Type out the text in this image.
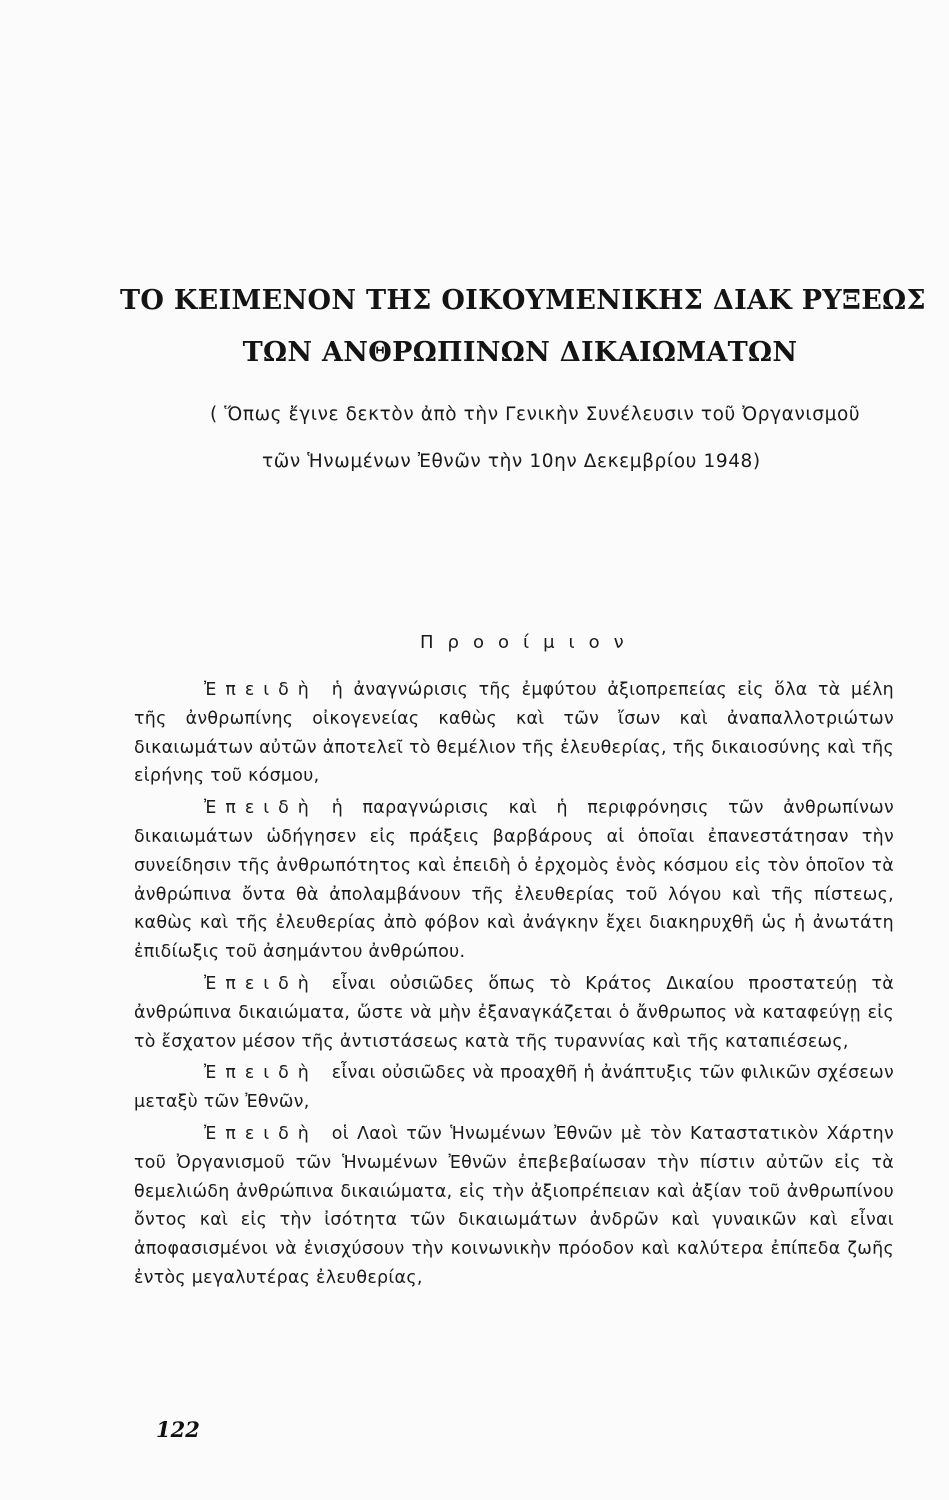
ΤΟ ΚΕΙΜΕΝΟΝ ΤΗΣ ΟΙΚΟΥΜΕΝΙΚΗΣ ΔΙΑΚ ΡΥΞΕΩΣ
ΤΩΝ ΑΝΘΡΩΠΙΝΩΝ ΔΙΚΑΙΩΜΑΤΩΝ
( Ὅπως ἔγινε δεκτὸν ἀπὸ τὴν Γενικὴν Συνέλευσιν τοῦ Ὀργανισμοῦ
τῶν Ἡνωμένων Ἐθνῶν τὴν 10ην Δεκεμβρίου 1948)
Προοίμιον

Ἐπειδὴ ἡ ἀναγνώρισις τῆς ἐμφύτου ἀξιοπρεπείας εἰς ὅλα τὰ μέλη τῆς ἀνθρωπίνης οἰκογενείας καθὼς καὶ τῶν ἴσων καὶ ἀναπαλλοτριώτων δικαιωμάτων αὐτῶν ἀποτελεῖ τὸ θεμέλιον τῆς ἐλευθερίας, τῆς δικαιοσύνης καὶ τῆς εἰρήνης τοῦ κόσμου,

Ἐπειδὴ ἡ παραγνώρισις καὶ ἡ περιφρόνησις τῶν ἀνθρωπίνων δικαιωμάτων ὡδήγησεν εἰς πράξεις βαρβάρους αἱ ὁποῖαι ἐπανεστάτησαν τὴν συνείδησιν τῆς ἀνθρωπότητος καὶ ἐπειδὴ ὁ ἐρχομὸς ἑνὸς κόσμου εἰς τὸν ὁποῖον τὰ ἀνθρώπινα ὄντα θὰ ἀπολαμβάνουν τῆς ἐλευθερίας τοῦ λόγου καὶ τῆς πίστεως, καθὼς καὶ τῆς ἐλευθερίας ἀπὸ φόβον καὶ ἀνάγκην ἔχει διακηρυχθῆ ὡς ἡ ἀνωτάτη ἐπιδίωξις τοῦ ἀσημάντου ἀνθρώπου.

Ἐπειδὴ εἶναι οὐσιῶδες ὅπως τὸ Κράτος Δικαίου προστατεύῃ τὰ ἀνθρώπινα δικαιώματα, ὥστε νὰ μὴν ἐξαναγκάζεται ὁ ἄνθρωπος νὰ καταφεύγῃ εἰς τὸ ἔσχατον μέσον τῆς ἀντιστάσεως κατὰ τῆς τυραννίας καὶ τῆς καταπιέσεως,

Ἐπειδὴ εἶναι οὐσιῶδες νὰ προαχθῆ ἡ ἀνάπτυξις τῶν φιλικῶν σχέσεων μεταξὺ τῶν Ἐθνῶν,

Ἐπειδὴ οἱ Λαοὶ τῶν Ἡνωμένων Ἐθνῶν μὲ τὸν Καταστατικὸν Χάρτην τοῦ Ὀργανισμοῦ τῶν Ἡνωμένων Ἐθνῶν ἐπεβεβαίωσαν τὴν πίστιν αὐτῶν εἰς τὰ θεμελιώδη ἀνθρώπινα δικαιώματα, εἰς τὴν ἀξιοπρέπειαν καὶ ἀξίαν τοῦ ἀνθρωπίνου ὄντος καὶ εἰς τὴν ἰσότητα τῶν δικαιωμάτων ἀνδρῶν καὶ γυναικῶν καὶ εἶναι ἀποφασισμένοι νὰ ἐνισχύσουν τὴν κοινωνικὴν πρόοδον καὶ καλύτερα ἐπίπεδα ζωῆς ἐντὸς μεγαλυτέρας ἐλευθερίας,

122
